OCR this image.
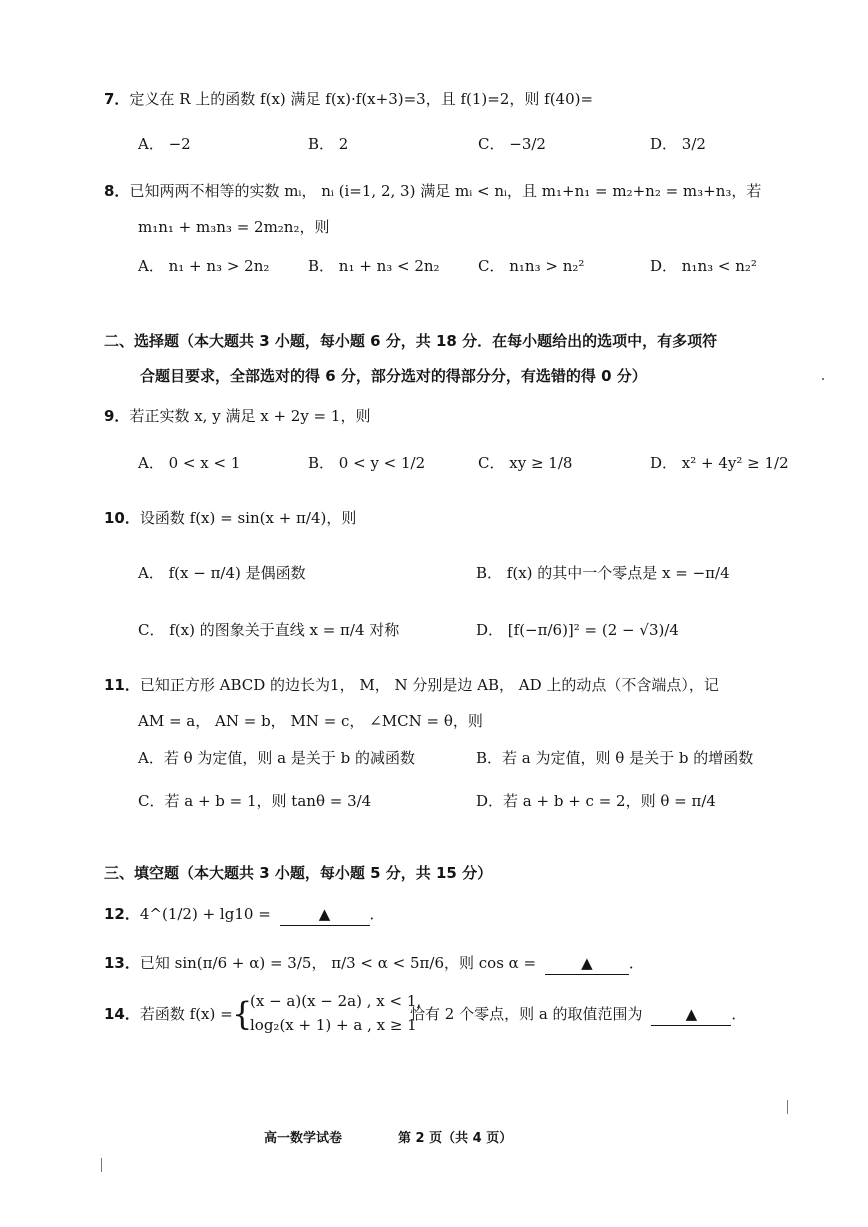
7．定义在 R 上的函数 f(x) 满足 f(x)·f(x+3)=3，且 f(1)=2，则 f(40)=
A． −2	B． 2	C． −3/2	D． 3/2
8．已知两两不相等的实数 mᵢ， nᵢ (i=1, 2, 3) 满足 mᵢ < nᵢ，且 m₁+n₁ = m₂+n₂ = m₃+n₃，若
m₁n₁ + m₃n₃ = 2m₂n₂，则
A． n₁ + n₃ > 2n₂	B． n₁ + n₃ < 2n₂	C． n₁n₃ > n₂²	D． n₁n₃ < n₂²
二、选择题（本大题共 3 小题，每小题 6 分，共 18 分．在每小题给出的选项中，有多项符
合题目要求，全部选对的得 6 分，部分选对的得部分分，有选错的得 0 分）
9．若正实数 x, y 满足 x + 2y = 1，则
A． 0 < x < 1	B． 0 < y < 1/2	C． xy ≥ 1/8	D． x² + 4y² ≥ 1/2
10．设函数 f(x) = sin(x + π/4)，则
A． f(x − π/4) 是偶函数	B． f(x) 的其中一个零点是 x = −π/4
C． f(x) 的图象关于直线 x = π/4 对称	D． [f(−π/6)]² = (2 − √3)/4
11．已知正方形 ABCD 的边长为1， M， N 分别是边 AB， AD 上的动点（不含端点），记
AM = a， AN = b， MN = c， ∠MCN = θ，则
A．若 θ 为定值，则 a 是关于 b 的减函数	B．若 a 为定值，则 θ 是关于 b 的增函数
C．若 a + b = 1，则 tanθ = 3/4	D．若 a + b + c = 2，则 θ = π/4
三、填空题（本大题共 3 小题，每小题 5 分，共 15 分）
12．4^(1/2) + lg10 =	▲	．
13．已知 sin(π/6 + α) = 3/5， π/3 < α < 5π/6，则 cos α =	▲ ．
14．若函数 f(x) = {
(x − a)(x − 2a) , x < 1,
log₂(x + 1) + a , x ≥ 1
恰有 2 个零点，则 a 的取值范围为	▲ ．
高一数学试卷	第 2 页（共 4 页）
